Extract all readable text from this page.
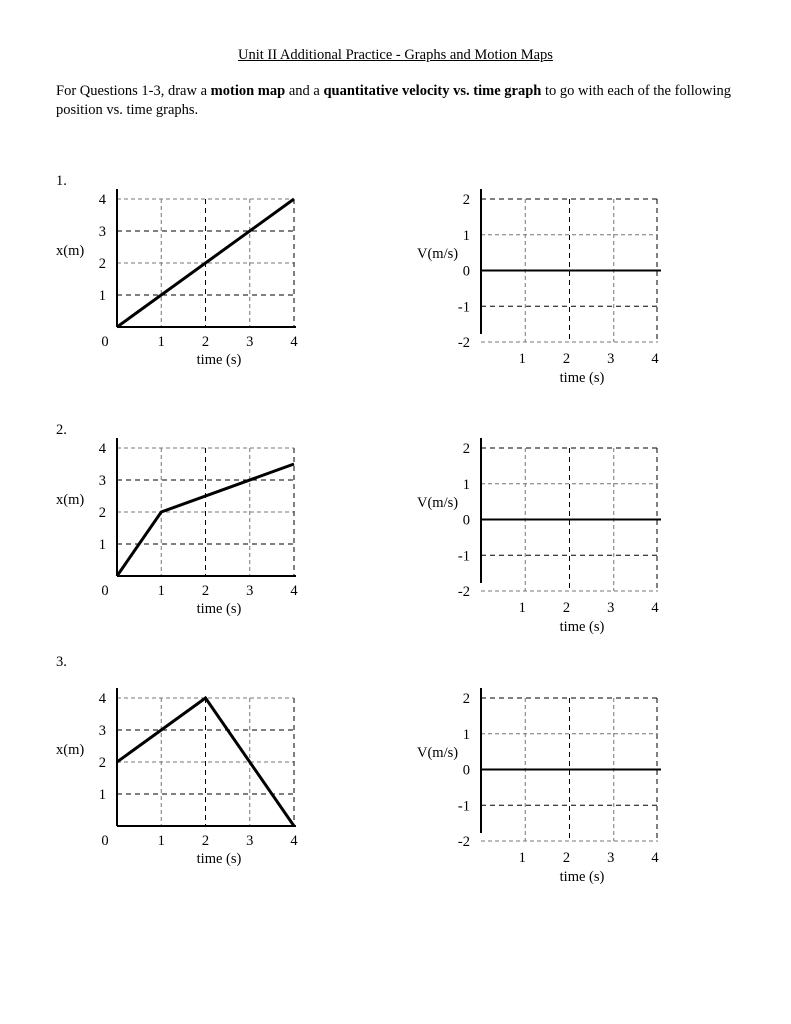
Unit II Additional Practice - Graphs and Motion Maps
For Questions 1-3, draw a motion map and a quantitative velocity vs. time graph to go with each of the following position vs. time graphs.
1.
2.
3.
1
2
3
4
0	1	2	3	4
x(m)
time (s)
2
1
0
-1
-2
1	2	3	4
V(m/s)
time (s)
1
2
3
4
0	1	2	3	4
x(m)
time (s)
2
1
0
-1
-2
1	2	3	4
V(m/s)
time (s)
1
2
3
4
0	1	2	3	4
x(m)
time (s)
2
1
0
-1
-2
1	2	3	4
V(m/s)
time (s)
